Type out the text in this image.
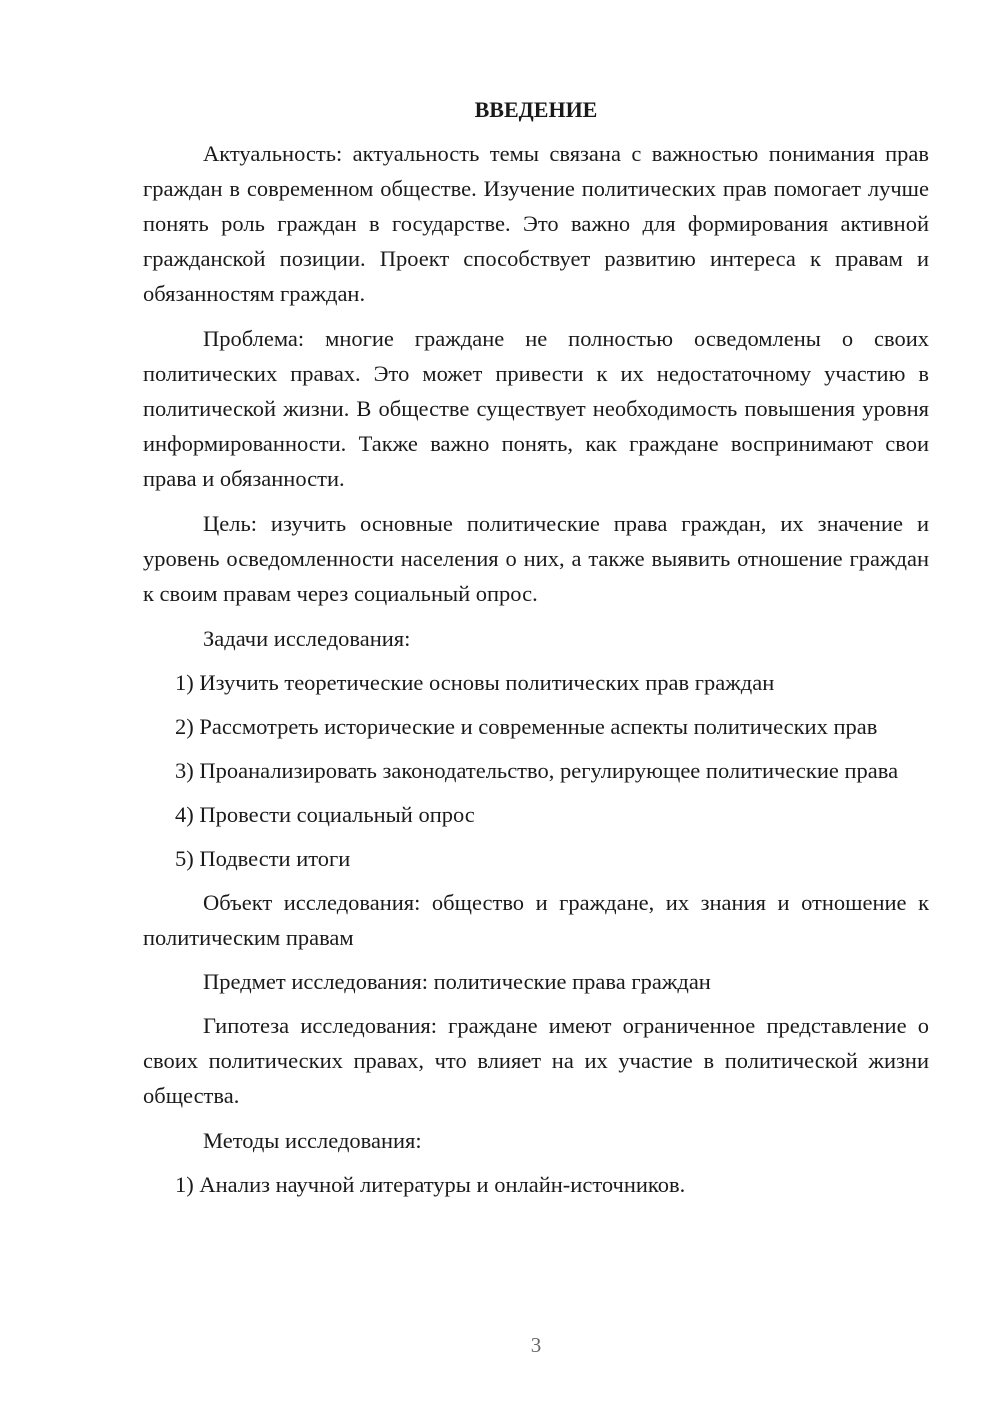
ВВЕДЕНИЕ

Актуальность: актуальность темы связана с важностью понимания прав граждан в современном обществе. Изучение политических прав помогает лучше понять роль граждан в государстве. Это важно для формирования активной гражданской позиции. Проект способствует развитию интереса к правам и обязанностям граждан.

Проблема: многие граждане не полностью осведомлены о своих политических правах. Это может привести к их недостаточному участию в политической жизни. В обществе существует необходимость повышения уровня информированности. Также важно понять, как граждане воспринимают свои права и обязанности.

Цель: изучить основные политические права граждан, их значение и уровень осведомленности населения о них, а также выявить отношение граждан к своим правам через социальный опрос.

Задачи исследования:

1) Изучить теоретические основы политических прав граждан

2) Рассмотреть исторические и современные аспекты политических прав

3) Проанализировать законодательство, регулирующее политические права

4) Провести социальный опрос

5) Подвести итоги

Объект исследования: общество и граждане, их знания и отношение к политическим правам

Предмет исследования: политические права граждан

Гипотеза исследования: граждане имеют ограниченное представление о своих политических правах, что влияет на их участие в политической жизни общества.

Методы исследования:

1) Анализ научной литературы и онлайн-источников.

3
